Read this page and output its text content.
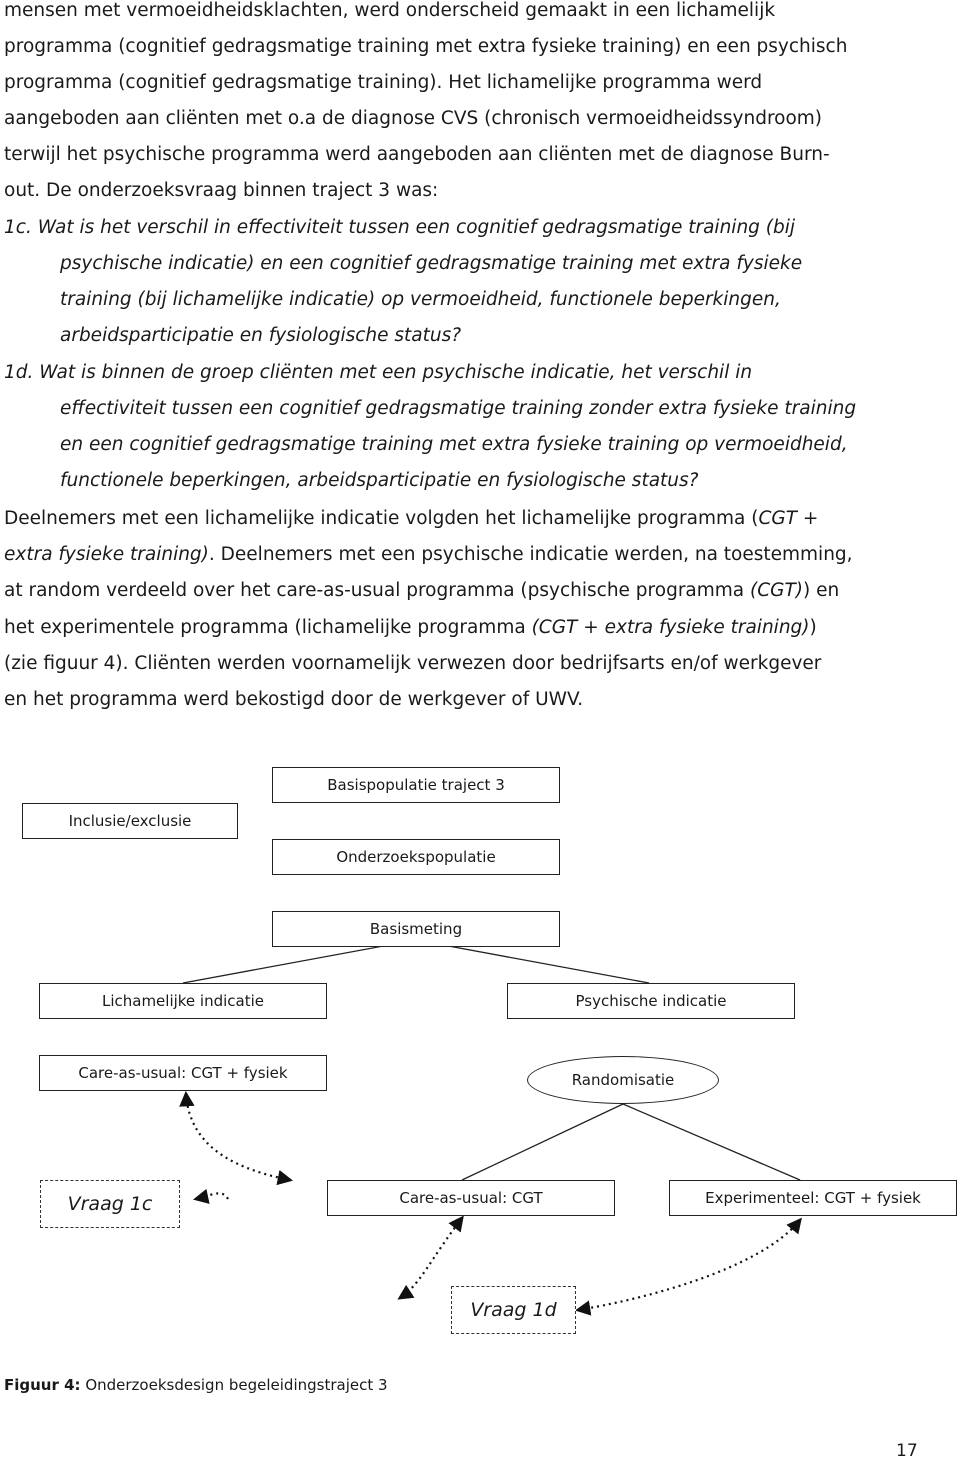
mensen met vermoeidheidsklachten, werd onderscheid gemaakt in een lichamelijk
programma (cognitief gedragsmatige training met extra fysieke training) en een psychisch
programma (cognitief gedragsmatige training). Het lichamelijke programma werd
aangeboden aan cliënten met o.a de diagnose CVS (chronisch vermoeidheidssyndroom)
terwijl het psychische programma werd aangeboden aan cliënten met de diagnose Burn-
out. De onderzoeksvraag binnen traject 3 was:
1c. Wat is het verschil in effectiviteit tussen een cognitief gedragsmatige training (bij
psychische indicatie) en een cognitief gedragsmatige training met extra fysieke
training (bij lichamelijke indicatie) op vermoeidheid, functionele beperkingen,
arbeidsparticipatie en fysiologische status?
1d. Wat is binnen de groep cliënten met een psychische indicatie, het verschil in
effectiviteit tussen een cognitief gedragsmatige training zonder extra fysieke training
en een cognitief gedragsmatige training met extra fysieke training op vermoeidheid,
functionele beperkingen, arbeidsparticipatie en fysiologische status?
Deelnemers met een lichamelijke indicatie volgden het lichamelijke programma (CGT +
extra fysieke training). Deelnemers met een psychische indicatie werden, na toestemming,
at random verdeeld over het care-as-usual programma (psychische programma (CGT)) en
het experimentele programma (lichamelijke programma (CGT + extra fysieke training))
(zie figuur 4). Cliënten werden voornamelijk verwezen door bedrijfsarts en/of werkgever
en het programma werd bekostigd door de werkgever of UWV.
Basispopulatie traject 3
Inclusie/exclusie
Onderzoekspopulatie
Basismeting
Lichamelijke indicatie	Psychische indicatie
Care-as-usual: CGT + fysiek	Randomisatie
Vraag 1c	Care-as-usual: CGT	Experimenteel: CGT + fysiek
Vraag 1d
Figuur 4: Onderzoeksdesign begeleidingstraject 3
17
